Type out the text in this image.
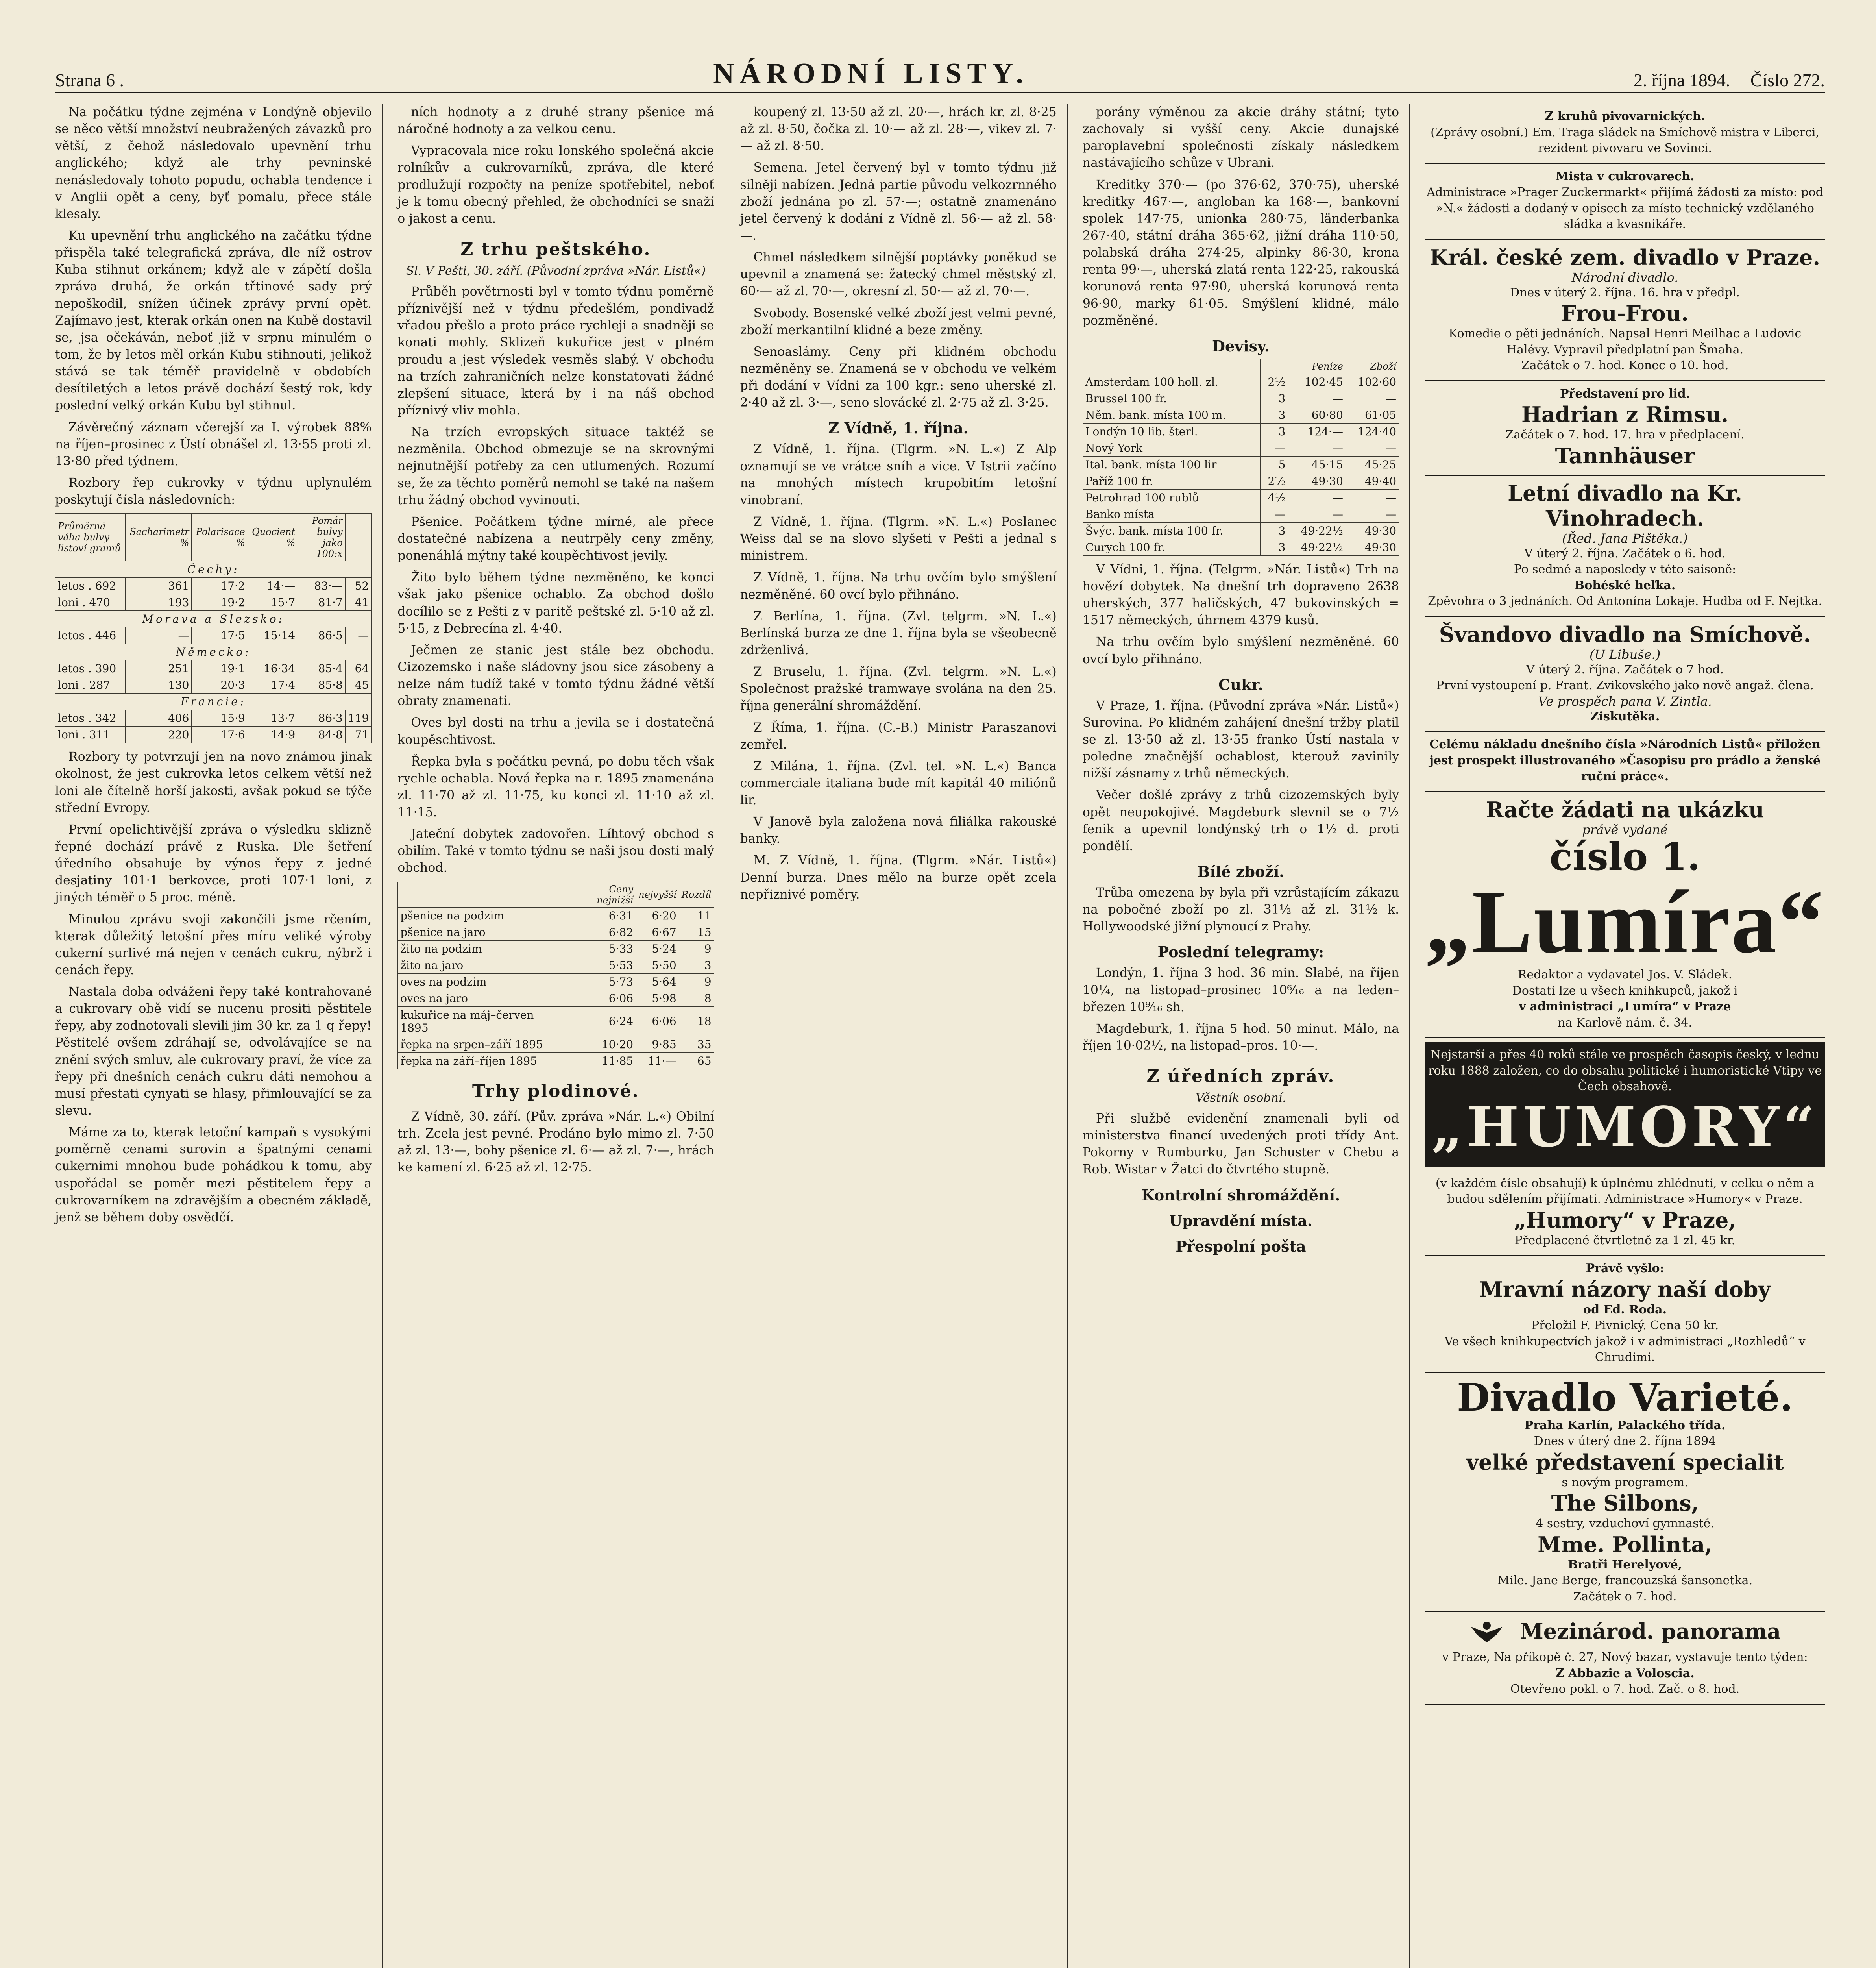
Strana 6 .	NÁRODNÍ LISTY.	2. října 1894. Číslo 272.

Na počátku týdne zejména v Londýně objevilo se něco větší množství neubražených závazků pro větší, z čehož následovalo upevnění trhu anglického; když ale trhy pevninské nenásledovaly tohoto popudu, ochabla tendence i v Anglii opět a ceny, byť pomalu, přece stále klesaly.

Ku upevnění trhu anglického na začátku týdne přispěla také telegrafická zpráva, dle níž ostrov Kuba stihnut orkánem; když ale v zápětí došla zpráva druhá, že orkán třtinové sady prý nepoškodil, snížen účinek zprávy první opět. Zajímavo jest, kterak orkán onen na Kubě dostavil se, jsa očekáván, neboť již v srpnu minulém o tom, že by letos měl orkán Kubu stihnouti, jelikož stává se tak téměř pravidelně v obdobích desítiletých a letos právě dochází šestý rok, kdy poslední velký orkán Kubu byl stihnul.

Závěrečný záznam včerejší za I. výrobek 88% na říjen–prosinec z Ústí obnášel zl. 13·55 proti zl. 13·80 před týdnem.

Rozbory řep cukrovky v týdnu uplynulém poskytují čísla následovních:

Průměrná váha bulvy listoví gramů	Sacharimetr %	Polarisace %	Quocient %	Pomár bulvy jako 100:x	
Čechy:					
letos . 692	361	17·2	14·—	83·—	52
loni . 470	193	19·2	15·7	81·7	41
Morava a Slezsko:					
letos . 446	—	17·5	15·14	86·5	—
Německo:					
letos . 390	251	19·1	16·34	85·4	64
loni . 287	130	20·3	17·4	85·8	45
Francie:					
letos . 342	406	15·9	13·7	86·3	119
loni . 311	220	17·6	14·9	84·8	71

Rozbory ty potvrzují jen na novo známou jinak okolnost, že jest cukrovka letos celkem větší než loni ale čítelně horší jakosti, avšak pokud se týče střední Evropy.

První opelichtivější zpráva o výsledku sklizně řepné dochází právě z Ruska. Dle šetření úředního obsahuje by výnos řepy z jedné desjatiny 101·1 berkovce, proti 107·1 loni, z jiných téměř o 5 proc. méně.

Minulou zprávu svoji zakončili jsme rčením, kterak důležitý letošní přes míru veliké výroby cukerní surlivé má nejen v cenách cukru, nýbrž i cenách řepy.

Nastala doba odváženi řepy také kontrahované a cukrovary obě vidí se nucenu prositi pěstitele řepy, aby zodnotovali slevili jim 30 kr. za 1 q řepy! Pěstitelé ovšem zdráhají se, odvolávajíce se na znění svých smluv, ale cukrovary praví, že více za řepy při dnešních cenách cukru dáti nemohou a musí přestati cynyati se hlasy, přimlouvající se za slevu.

Máme za to, kterak letoční kampaň s vysokými poměrně cenami surovin a špatnými cenami cukernimi mnohou bude pohádkou k tomu, aby uspořádal se poměr mezi pěstitelem řepy a cukrovarníkem na zdravějším a obecném základě, jenž se během doby osvědčí.

ních hodnoty a z druhé strany pšenice má náročné hodnoty a za velkou cenu.

Vypracovala nice roku lonského společná akcie rolníkův a cukrovarníků, zpráva, dle které prodlužují rozpočty na peníze spotřebitel, neboť je k tomu obecný přehled, že obchodníci se snaží o jakost a cenu.

Z trhu peštského.
Sl. V Pešti, 30. září. (Původní zpráva »Nár. Listů«)

Průběh povětrnosti byl v tomto týdnu poměrně příznivější než v týdnu předešlém, pondivadž vřadou přešlo a proto práce rychleji a snadněji se konati mohly. Sklizeň kukuřice jest v plném proudu a jest výsledek vesměs slabý. V obchodu na trzích zahraničních nelze konstatovati žádné zlepšení situace, která by i na náš obchod příznivý vliv mohla.

Na trzích evropských situace taktéž se nezměnila. Obchod obmezuje se na skrovnými nejnutnější potřeby za cen utlumených. Rozumí se, že za těchto poměrů nemohl se také na našem trhu žádný obchod vyvinouti.

Pšenice. Počátkem týdne mírné, ale přece dostatečné nabízena a neutrpěly ceny změny, ponenáhlá mýtny také koupěchtivost jevily.

Žito bylo během týdne nezměněno, ke konci však jako pšenice ochablo. Za obchod došlo docílilo se z Pešti z v paritě peštské zl. 5·10 až zl. 5·15, z Debrecína zl. 4·40.

Ječmen ze stanic jest stále bez obchodu. Cizozemsko i naše sládovny jsou sice zásobeny a nelze nám tudíž také v tomto týdnu žádné větší obraty znamenati.

Oves byl dosti na trhu a jevila se i dostatečná koupěschtivost.

Řepka byla s počátku pevná, po dobu těch však rychle ochabla. Nová řepka na r. 1895 znamenána zl. 11·70 až zl. 11·75, ku konci zl. 11·10 až zl. 11·15.

Jateční dobytek zadovořen. Líhtový obchod s obilím. Také v tomto týdnu se naši jsou dosti malý obchod.

	Ceny nejnižší	nejvyšší	Rozdíl
pšenice na podzim	6·31	6·20	11
pšenice na jaro	6·82	6·67	15
žito na podzim	5·33	5·24	9
žito na jaro	5·53	5·50	3
oves na podzim	5·73	5·64	9
oves na jaro	6·06	5·98	8
kukuřice na máj–červen 1895	6·24	6·06	18
řepka na srpen–září 1895	10·20	9·85	35
řepka na září–říjen 1895	11·85	11·—	65
Trhy plodinové.

Z Vídně, 30. září. (Pův. zpráva »Nár. L.«) Obilní trh. Zcela jest pevné. Prodáno bylo mimo zl. 7·50 až zl. 13·—, bohy pšenice zl. 6·— až zl. 7·—, hrách ke kamení zl. 6·25 až zl. 12·75.

koupený zl. 13·50 až zl. 20·—, hrách kr. zl. 8·25 až zl. 8·50, čočka zl. 10·— až zl. 28·—, vikev zl. 7·— až zl. 8·50.

Semena. Jetel červený byl v tomto týdnu již silněji nabízen. Jedná partie původu velkozrnného zboží jednána po zl. 57·—; ostatně znamenáno jetel červený k dodání z Vídně zl. 56·— až zl. 58·—.

Chmel následkem silnější poptávky poněkud se upevnil a znamená se: žatecký chmel městský zl. 60·— až zl. 70·—, okresní zl. 50·— až zl. 70·—.

Svobody. Bosenské velké zboží jest velmi pevné, zboží merkantilní klidné a beze změny.

Senoaslámy. Ceny při klidném obchodu nezměněny se. Znamená se v obchodu ve velkém při dodání v Vídni za 100 kgr.: seno uherské zl. 2·40 až zl. 3·—, seno slovácké zl. 2·75 až zl. 3·25.

Z Vídně, 1. října.

Z Vídně, 1. října. (Tlgrm. »N. L.«) Z Alp oznamují se ve vrátce sníh a vice. V Istrii začíno na mnohých místech krupobitím letošní vinobraní.

Z Vídně, 1. října. (Tlgrm. »N. L.«) Poslanec Weiss dal se na slovo slyšeti v Pešti a jednal s ministrem.

Z Vídně, 1. října. Na trhu ovčím bylo smýšlení nezměněné. 60 ovcí bylo přihnáno.

Z Berlína, 1. října. (Zvl. telgrm. »N. L.«) Berlínská burza ze dne 1. října byla se všeobecně zdrženlivá.

Z Bruselu, 1. října. (Zvl. telgrm. »N. L.«) Společnost pražské tramwaye svolána na den 25. října generální shromáždění.

Z Říma, 1. října. (C.-B.) Ministr Paraszanovi zemřel.

Z Milána, 1. října. (Zvl. tel. »N. L.«) Banca commerciale italiana bude mít kapitál 40 miliónů lir.

V Janově byla založena nová filiálka rakouské banky.

M. Z Vídně, 1. října. (Tlgrm. »Nár. Listů«) Denní burza. Dnes mělo na burze opět zcela nepřiznivé poměry.

porány výměnou za akcie dráhy státní; tyto zachovaly si vyšší ceny. Akcie dunajské paroplavební společnosti získaly následkem nastávajícího schůze v Ubrani.

Kreditky 370·— (po 376·62, 370·75), uherské kreditky 467·—, angloban ka 168·—, bankovní spolek 147·75, unionka 280·75, länderbanka 267·40, státní dráha 365·62, jižní dráha 110·50, polabská dráha 274·25, alpinky 86·30, krona renta 99·—, uherská zlatá renta 122·25, rakouská korunová renta 97·90, uherská korunová renta 96·90, marky 61·05. Smýšlení klidné, málo pozměněné.

Devisy.
		Peníze	Zboží
Amsterdam 100 holl. zl.	2½	102·45	102·60
Brussel 100 fr.	3	—	—
Něm. bank. místa 100 m.	3	60·80	61·05
Londýn 10 lib. šterl.	3	124·—	124·40
Nový York	—	—	—
Ital. bank. místa 100 lir	5	45·15	45·25
Paříž 100 fr.	2½	49·30	49·40
Petrohrad 100 rublů	4½	—	—
Banko místa	—	—	—
Švýc. bank. místa 100 fr.	3	49·22½	49·30
Curych 100 fr.	3	49·22½	49·30

V Vídni, 1. října. (Telgrm. »Nár. Listů«) Trh na hovězí dobytek. Na dnešní trh dopraveno 2638 uherských, 377 haličských, 47 bukovinských = 1517 německých, úhrnem 4379 kusů.

Na trhu ovčím bylo smýšlení nezměněné. 60 ovcí bylo přihnáno.

Cukr.

V Praze, 1. října. (Původní zpráva »Nár. Listů«) Surovina. Po klidném zahájení dnešní tržby platil se zl. 13·50 až zl. 13·55 franko Ústí nastala v poledne značnější ochablost, kterouž zavinily nižší zásnamy z trhů německých.

Večer došlé zprávy z trhů cizozemských byly opět neupokojivé. Magdeburk slevnil se o 7½ fenik a upevnil londýnský trh o 1½ d. proti pondělí.

Bílé zboží.

Trůba omezena by byla při vzrůstajícím zákazu na pobočné zboží po zl. 31½ až zl. 31½ k. Hollywoodské jižní plynoucí z Prahy.

Poslední telegramy:

Londýn, 1. října 3 hod. 36 min. Slabé, na říjen 10¼, na listopad–prosinec 10⁶⁄₁₆ a na leden–březen 10⁹⁄₁₆ sh.

Magdeburk, 1. října 5 hod. 50 minut. Málo, na říjen 10·02½, na listopad–pros. 10·—.

Z úředních zpráv.
Věstník osobní.

Při službě evidenční znamenali byli od ministerstva financí uvedených proti třídy Ant. Pokorny v Rumburku, Jan Schuster v Chebu a Rob. Wistar v Žatci do čtvrtého stupně.

Kontrolní shromáždění.
Upravdění místa.
Přespolní pošta
Z kruhů pivovarnických.
(Zprávy osobní.) Em. Traga sládek na Smíchově mistra v Liberci, rezident pivovaru ve Sovinci.
Mista v cukrovarech.
Administrace »Prager Zuckermarkt« přijímá žádosti za místo: pod »N.« žádosti a dodaný v opisech za místo technický vzdělaného sládka a kvasnikáře.
Král. české zem. divadlo v Praze.
Národní divadlo.
Dnes v úterý 2. října. 16. hra v předpl.
Frou-Frou.
Komedie o pěti jednáních. Napsal Henri Meilhac a Ludovic Halévy. Vypravil předplatní pan Šmaha.
Začátek o 7. hod. Konec o 10. hod.
Představení pro lid.
Hadrian z Rimsu.
Začátek o 7. hod. 17. hra v předplacení.
Tannhäuser
Letní divadlo na Kr. Vinohradech.
(Řed. Jana Pištěka.)
V úterý 2. října. Začátek o 6. hod.
Po sedmé a naposledy v této saisoně:
Bohéské heľka.
Zpěvohra o 3 jednáních. Od Antonína Lokaje. Hudba od F. Nejtka.
Švandovo divadlo na Smíchově.
(U Libuše.)
V úterý 2. října. Začátek o 7 hod.
První vystoupení p. Frant. Zvikovského jako nově angaž. člena.
Ve prospěch pana V. Zintla.
Ziskutěka.
Celému nákladu dnešního čísla »Národních Listů« přiložen jest prospekt illustrovaného »Časopisu pro prádlo a ženské ruční práce«.
Račte žádati na ukázku
právě vydané
číslo 1.
„Lumíra“
Redaktor a vydavatel Jos. V. Sládek.
Dostati lze u všech knihkupců, jakož i
v administraci „Lumíra“ v Praze
na Karlově nám. č. 34.
Nejstarší a přes 40 roků stále ve prospěch časopis český, v lednu roku 1888 založen, co do obsahu politické i humoristické Vtipy ve Čech obsahově.
„HUMORY“
(v každém čísle obsahují) k úplnému zhlédnutí, v celku o něm a budou sdělením přijímati. Administrace »Humory« v Praze.
„Humory“ v Praze,
Předplacené čtvrtletně za 1 zl. 45 kr.
Právě vyšlo:
Mravní názory naší doby
od Ed. Roda.
Přeložil F. Pivnický. Cena 50 kr.
Ve všech knihkupectvích jakož i v administraci „Rozhledů“ v Chrudimi.
Divadlo Varieté.
Praha Karlín, Palackého třída.
Dnes v úterý dne 2. října 1894
velké představení specialit
s novým programem.
The Silbons,
4 sestry, vzduchoví gymnasté.
Mme. Pollinta,
Bratři Herelyové,
Mile. Jane Berge, francouzská šansonetka.
Začátek o 7. hod.
Mezinárod. panorama
v Praze, Na příkopě č. 27, Nový bazar, vystavuje tento týden:
Z Abbazie a Voloscia.
Otevřeno pokl. o 7. hod. Zač. o 8. hod.
